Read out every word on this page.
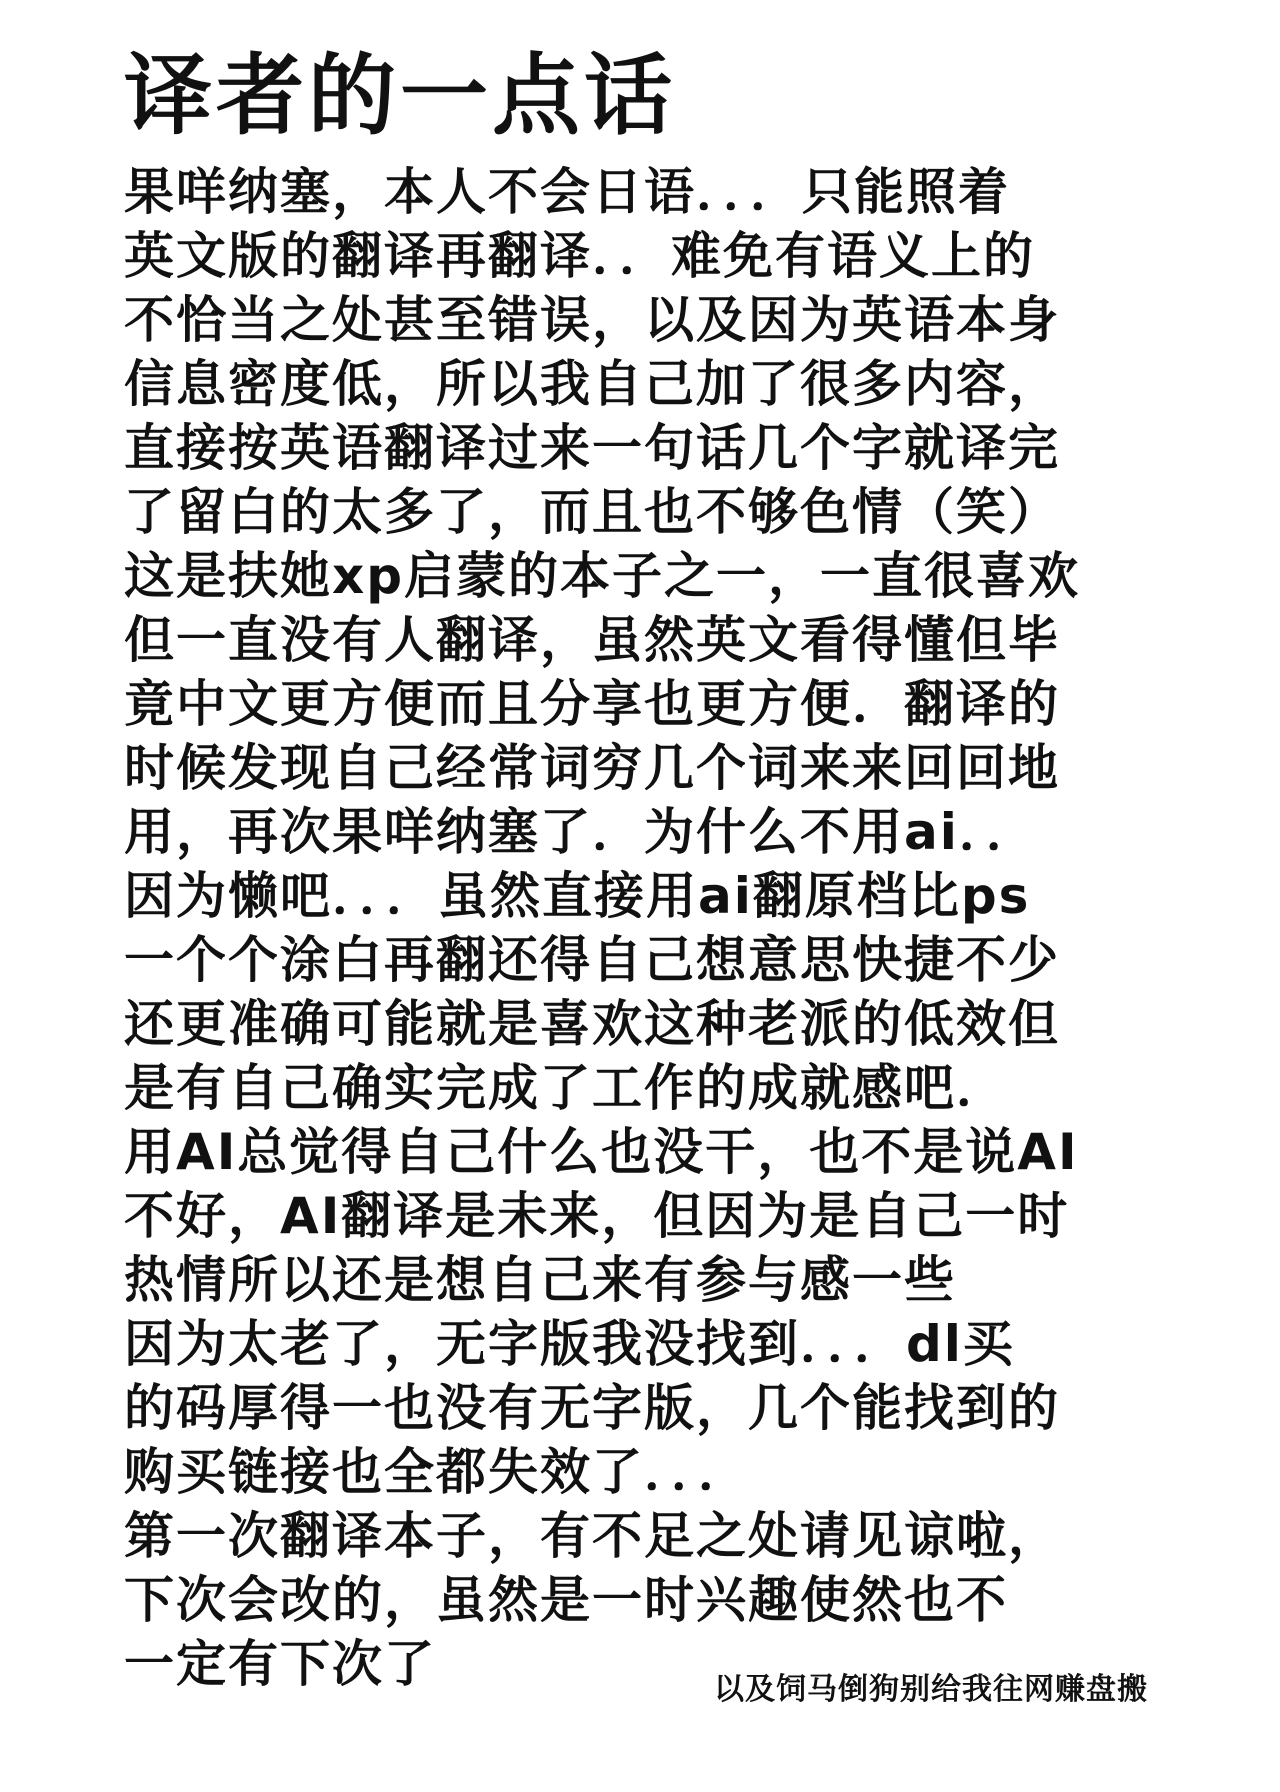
译者的一点话
果咩纳塞，本人不会日语．．．只能照着
英文版的翻译再翻译．．难免有语义上的
不恰当之处甚至错误，以及因为英语本身
信息密度低，所以我自己加了很多内容，
直接按英语翻译过来一句话几个字就译完
了留白的太多了，而且也不够色情（笑）
这是扶她xp启蒙的本子之一，一直很喜欢
但一直没有人翻译，虽然英文看得懂但毕
竟中文更方便而且分享也更方便．翻译的
时候发现自己经常词穷几个词来来回回地
用，再次果咩纳塞了．为什么不用ai．．
因为懒吧．．．虽然直接用ai翻原档比ps
一个个涂白再翻还得自己想意思快捷不少
还更准确可能就是喜欢这种老派的低效但
是有自己确实完成了工作的成就感吧．
用AI总觉得自己什么也没干，也不是说AI
不好，AI翻译是未来，但因为是自己一时
热情所以还是想自己来有参与感一些
因为太老了，无字版我没找到．．．dl买
的码厚得一也没有无字版，几个能找到的
购买链接也全都失效了．．．
第一次翻译本子，有不足之处请见谅啦，
下次会改的，虽然是一时兴趣使然也不
一定有下次了	以及饲马倒狗别给我往网赚盘搬
